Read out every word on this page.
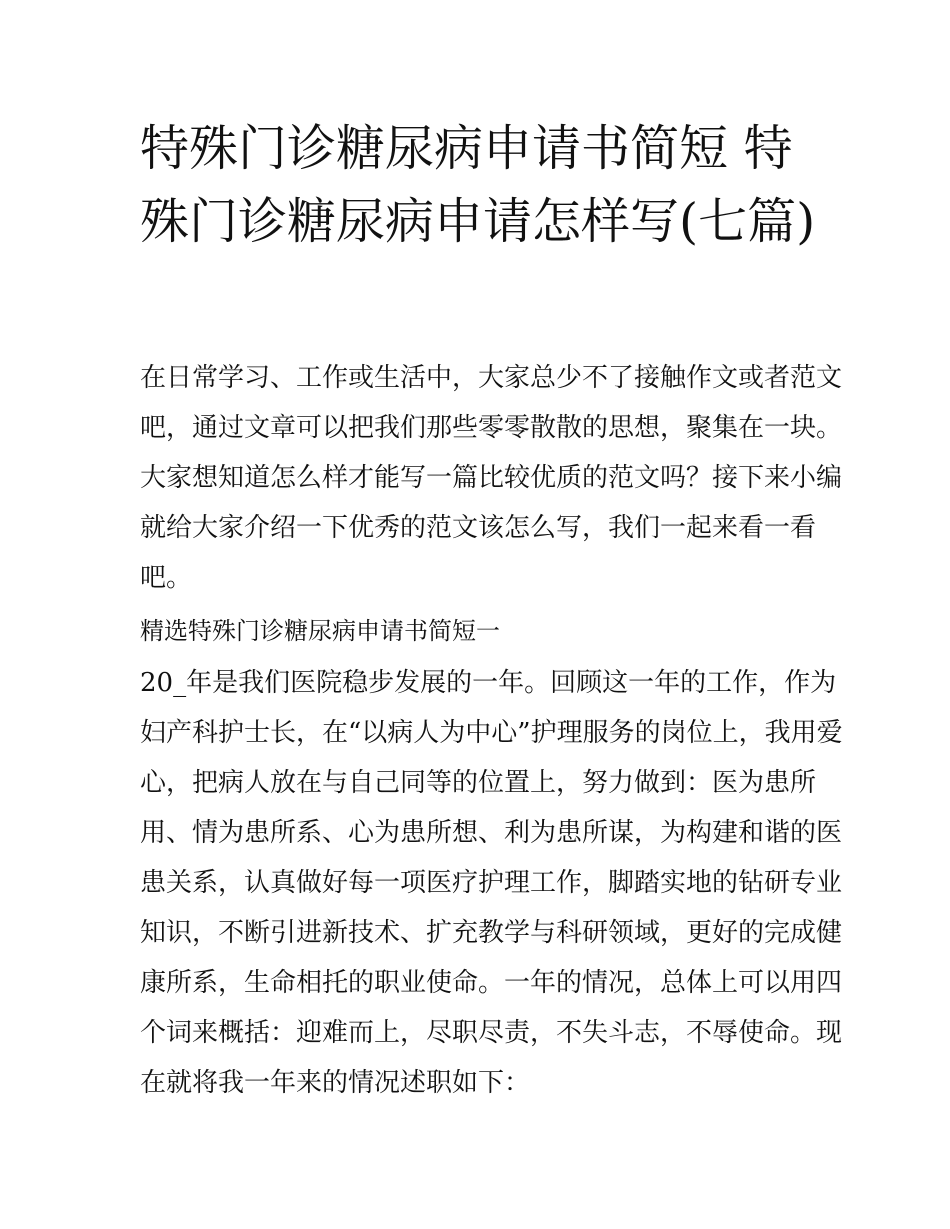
特殊门诊糖尿病申请书简短 特殊门诊糖尿病申请怎样写(七篇)

在日常学习、工作或生活中，大家总少不了接触作文或者范文

吧，通过文章可以把我们那些零零散散的思想，聚集在一块。

大家想知道怎么样才能写一篇比较优质的范文吗？接下来小编

就给大家介绍一下优秀的范文该怎么写，我们一起来看一看

吧。

精选特殊门诊糖尿病申请书简短一

20_年是我们医院稳步发展的一年。回顾这一年的工作，作为

妇产科护士长，在“以病人为中心”护理服务的岗位上，我用爱

心，把病人放在与自己同等的位置上，努力做到：医为患所

用、情为患所系、心为患所想、利为患所谋，为构建和谐的医

患关系，认真做好每一项医疗护理工作，脚踏实地的钻研专业

知识，不断引进新技术、扩充教学与科研领域，更好的完成健

康所系，生命相托的职业使命。一年的情况，总体上可以用四

个词来概括：迎难而上，尽职尽责，不失斗志，不辱使命。现

在就将我一年来的情况述职如下：
